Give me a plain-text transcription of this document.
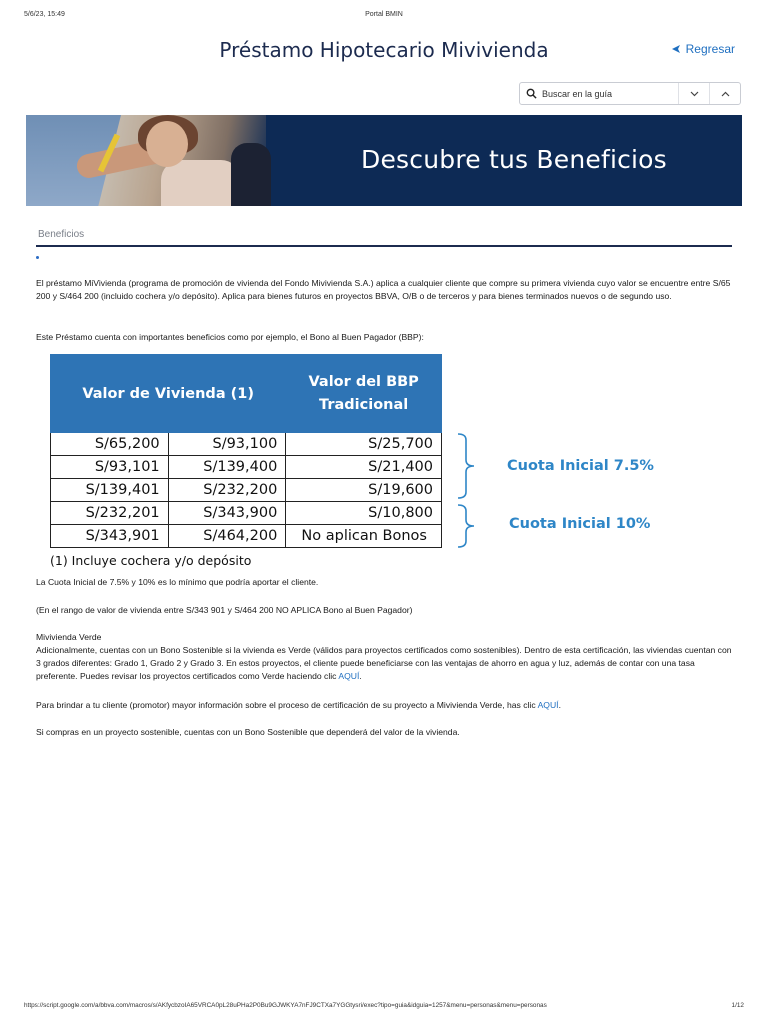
5/6/23, 15:49	Portal BMIN
Préstamo Hipotecario Mivivienda	Regresar
Buscar en la guía
Descubre tus Beneficios
Beneficios

El préstamo MiVivienda (programa de promoción de vivienda del Fondo Mivivienda S.A.) aplica a cualquier cliente que compre su primera vivienda cuyo valor se encuentre entre S/65 200 y S/464 200 (incluido cochera y/o depósito). Aplica para bienes futuros en proyectos BBVA, O/B o de terceros y para bienes terminados nuevos o de segundo uso.

Este Préstamo cuenta con importantes beneficios como por ejemplo, el Bono al Buen Pagador (BBP):

Valor de Vivienda (1)		Valor del BBP Tradicional
S/65,200	S/93,100	S/25,700
S/93,101	S/139,400	S/21,400
S/139,401	S/232,200	S/19,600
S/232,201	S/343,900	S/10,800
S/343,901	S/464,200	No aplican Bonos
Cuota Inicial 7.5%
Cuota Inicial 10%
(1) Incluye cochera y/o depósito

La Cuota Inicial de 7.5% y 10% es lo mínimo que podría aportar el cliente.

(En el rango de valor de vivienda entre S/343 901 y S/464 200 NO APLICA Bono al Buen Pagador)

Mivivienda Verde

Adicionalmente, cuentas con un Bono Sostenible si la vivienda es Verde (válidos para proyectos certificados como sostenibles). Dentro de esta certificación, las viviendas cuentan con 3 grados diferentes: Grado 1, Grado 2 y Grado 3. En estos proyectos, el cliente puede beneficiarse con las ventajas de ahorro en agua y luz, además de contar con una tasa preferente. Puedes revisar los proyectos certificados como Verde haciendo clic AQUÍ.

Para brindar a tu cliente (promotor) mayor información sobre el proceso de certificación de su proyecto a Mivivienda Verde, has clic AQUÍ.

Si compras en un proyecto sostenible, cuentas con un Bono Sostenible que dependerá del valor de la vivienda.

https://script.google.com/a/bbva.com/macros/s/AKfycbzoIA65VRCA0pL28uPHa2P0Bu9GJWKYA7nFJ9CTXa7YGGtysri/exec?tipo=guia&idguia=1257&menu=personas&menu=personas	1/12
